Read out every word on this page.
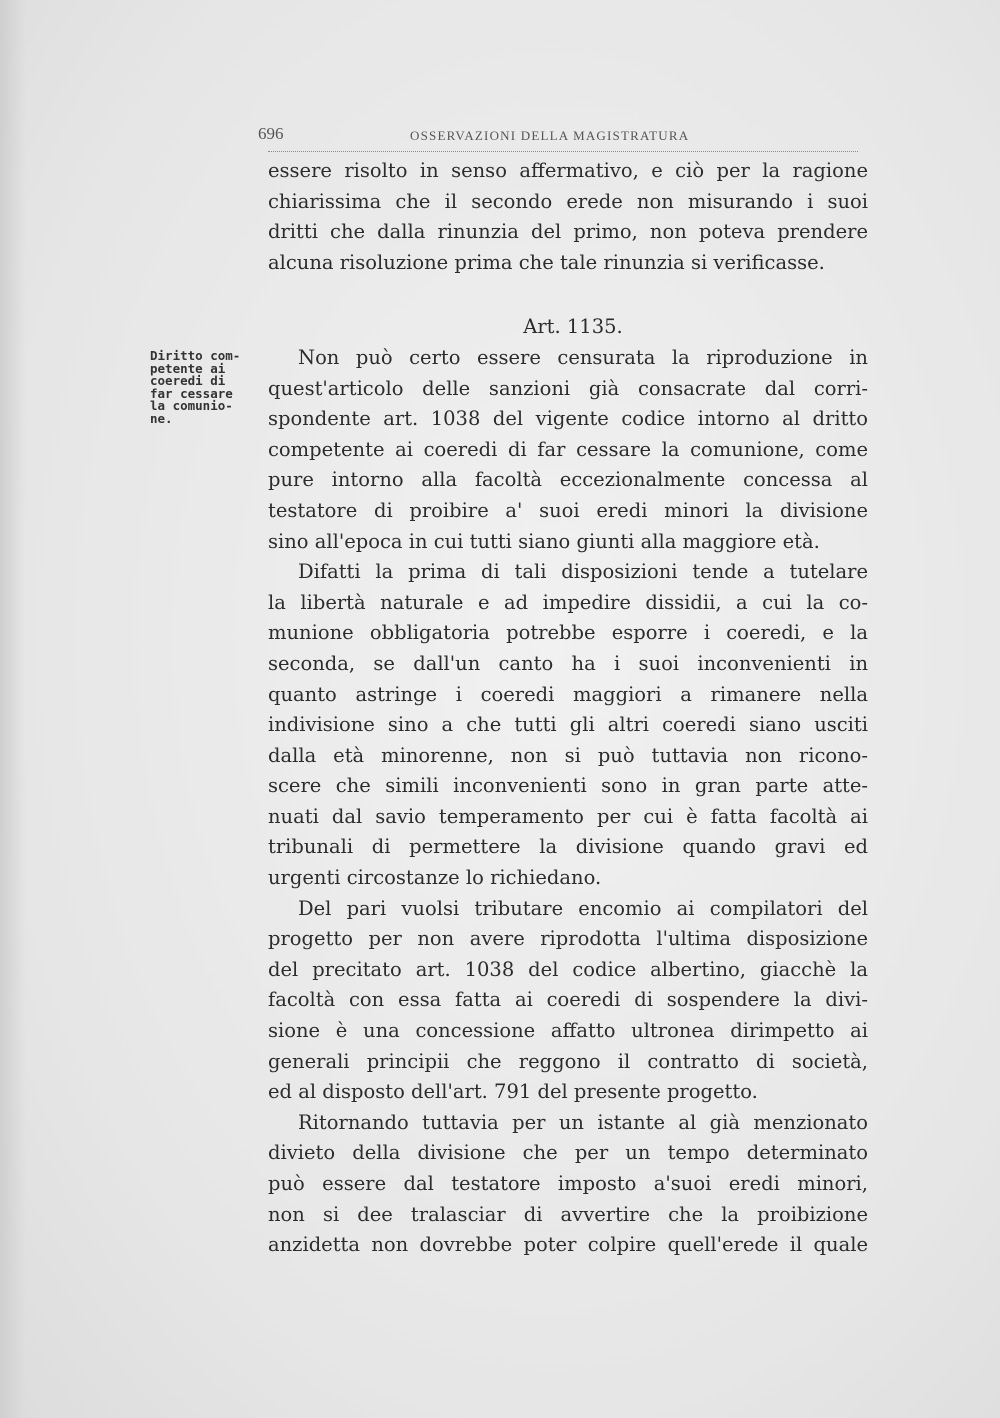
696	OSSERVAZIONI DELLA MAGISTRATURA
Diritto com-
petente ai
coeredi di
far cessare
la comunio-
ne.
essere risolto in senso affermativo, e ciò per la ragione
chiarissima che il secondo erede non misurando i suoi
dritti che dalla rinunzia del primo, non poteva prendere
alcuna risoluzione prima che tale rinunzia si verificasse.
Art. 1135.
Non può certo essere censurata la riproduzione in
quest'articolo delle sanzioni già consacrate dal corri-
spondente art. 1038 del vigente codice intorno al dritto
competente ai coeredi di far cessare la comunione, come
pure intorno alla facoltà eccezionalmente concessa al
testatore di proibire a' suoi eredi minori la divisione
sino all'epoca in cui tutti siano giunti alla maggiore età.
Difatti la prima di tali disposizioni tende a tutelare
la libertà naturale e ad impedire dissidii, a cui la co-
munione obbligatoria potrebbe esporre i coeredi, e la
seconda, se dall'un canto ha i suoi inconvenienti in
quanto astringe i coeredi maggiori a rimanere nella
indivisione sino a che tutti gli altri coeredi siano usciti
dalla età minorenne, non si può tuttavia non ricono-
scere che simili inconvenienti sono in gran parte atte-
nuati dal savio temperamento per cui è fatta facoltà ai
tribunali di permettere la divisione quando gravi ed
urgenti circostanze lo richiedano.
Del pari vuolsi tributare encomio ai compilatori del
progetto per non avere riprodotta l'ultima disposizione
del precitato art. 1038 del codice albertino, giacchè la
facoltà con essa fatta ai coeredi di sospendere la divi-
sione è una concessione affatto ultronea dirimpetto ai
generali principii che reggono il contratto di società,
ed al disposto dell'art. 791 del presente progetto.
Ritornando tuttavia per un istante al già menzionato
divieto della divisione che per un tempo determinato
può essere dal testatore imposto a'suoi eredi minori,
non si dee tralasciar di avvertire che la proibizione
anzidetta non dovrebbe poter colpire quell'erede il quale
